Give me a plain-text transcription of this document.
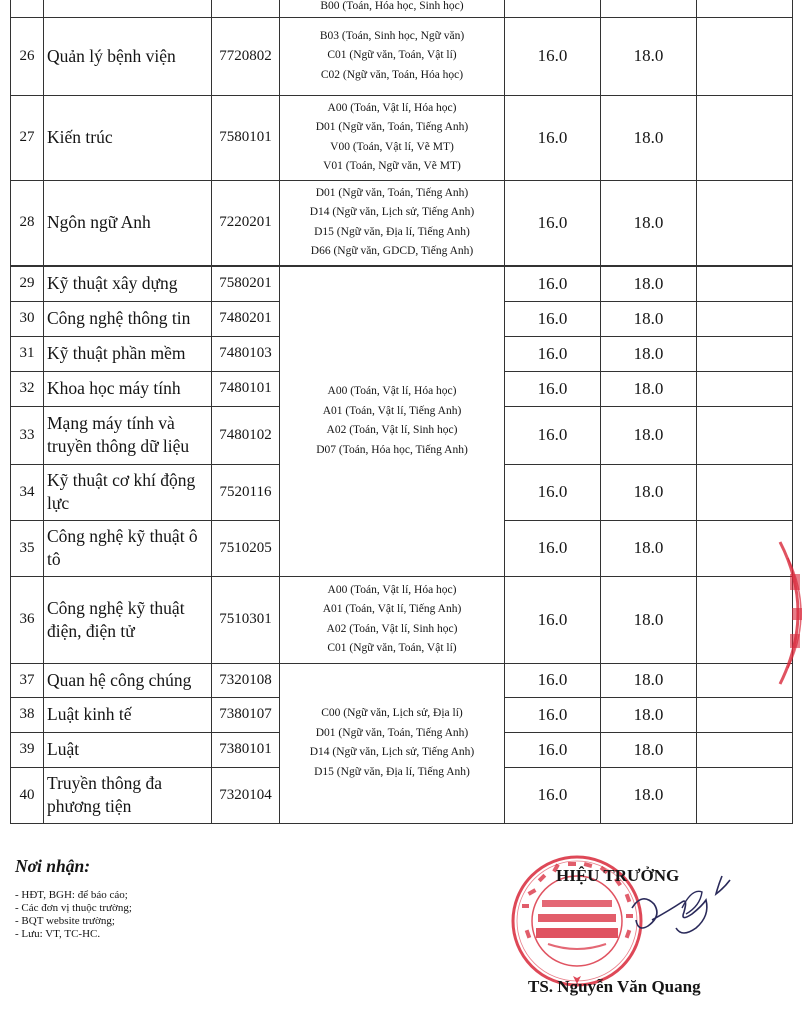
			B00 (Toán, Hóa học, Sinh học)			

26	Quản lý bệnh viện	7720802	B03 (Toán, Sinh học, Ngữ văn)
C01 (Ngữ văn, Toán, Vật lí)
C02 (Ngữ văn, Toán, Hóa học)	16.0	18.0	
27	Kiến trúc	7580101	A00 (Toán, Vật lí, Hóa học)
D01 (Ngữ văn, Toán, Tiếng Anh)
V00 (Toán, Vật lí, Vẽ MT)
V01 (Toán, Ngữ văn, Vẽ MT)	16.0	18.0	
28	Ngôn ngữ Anh	7220201	D01 (Ngữ văn, Toán, Tiếng Anh)
D14 (Ngữ văn, Lịch sử, Tiếng Anh)
D15 (Ngữ văn, Địa lí, Tiếng Anh)
D66 (Ngữ văn, GDCD, Tiếng Anh)	16.0	18.0	
29	Kỹ thuật xây dựng	7580201	A00 (Toán, Vật lí, Hóa học)
A01 (Toán, Vật lí, Tiếng Anh)
A02 (Toán, Vật lí, Sinh học)
D07 (Toán, Hóa học, Tiếng Anh)	16.0	18.0	
30	Công nghệ thông tin	7480201		16.0	18.0	
31	Kỹ thuật phần mềm	7480103		16.0	18.0	
32	Khoa học máy tính	7480101		16.0	18.0	
33	Mạng máy tính và truyền thông dữ liệu	7480102		16.0	18.0	
34	Kỹ thuật cơ khí động lực	7520116		16.0	18.0	
35	Công nghệ kỹ thuật ô tô	7510205		16.0	18.0	
36	Công nghệ kỹ thuật điện, điện tử	7510301	A00 (Toán, Vật lí, Hóa học)
A01 (Toán, Vật lí, Tiếng Anh)
A02 (Toán, Vật lí, Sinh học)
C01 (Ngữ văn, Toán, Vật lí)	16.0	18.0	
37	Quan hệ công chúng	7320108	C00 (Ngữ văn, Lịch sử, Địa lí)
D01 (Ngữ văn, Toán, Tiếng Anh)
D14 (Ngữ văn, Lịch sử, Tiếng Anh)
D15 (Ngữ văn, Địa lí, Tiếng Anh)	16.0	18.0	
38	Luật kinh tế	7380107		16.0	18.0	
39	Luật	7380101		16.0	18.0	
40	Truyền thông đa phương tiện	7320104		16.0	18.0	
Nơi nhận:
- HĐT, BGH: để báo cáo;
- Các đơn vị thuộc trường;
- BQT website trường;
- Lưu: VT, TC-HC.
HIỆU TRƯỞNG
TS. Nguyễn Văn Quang
